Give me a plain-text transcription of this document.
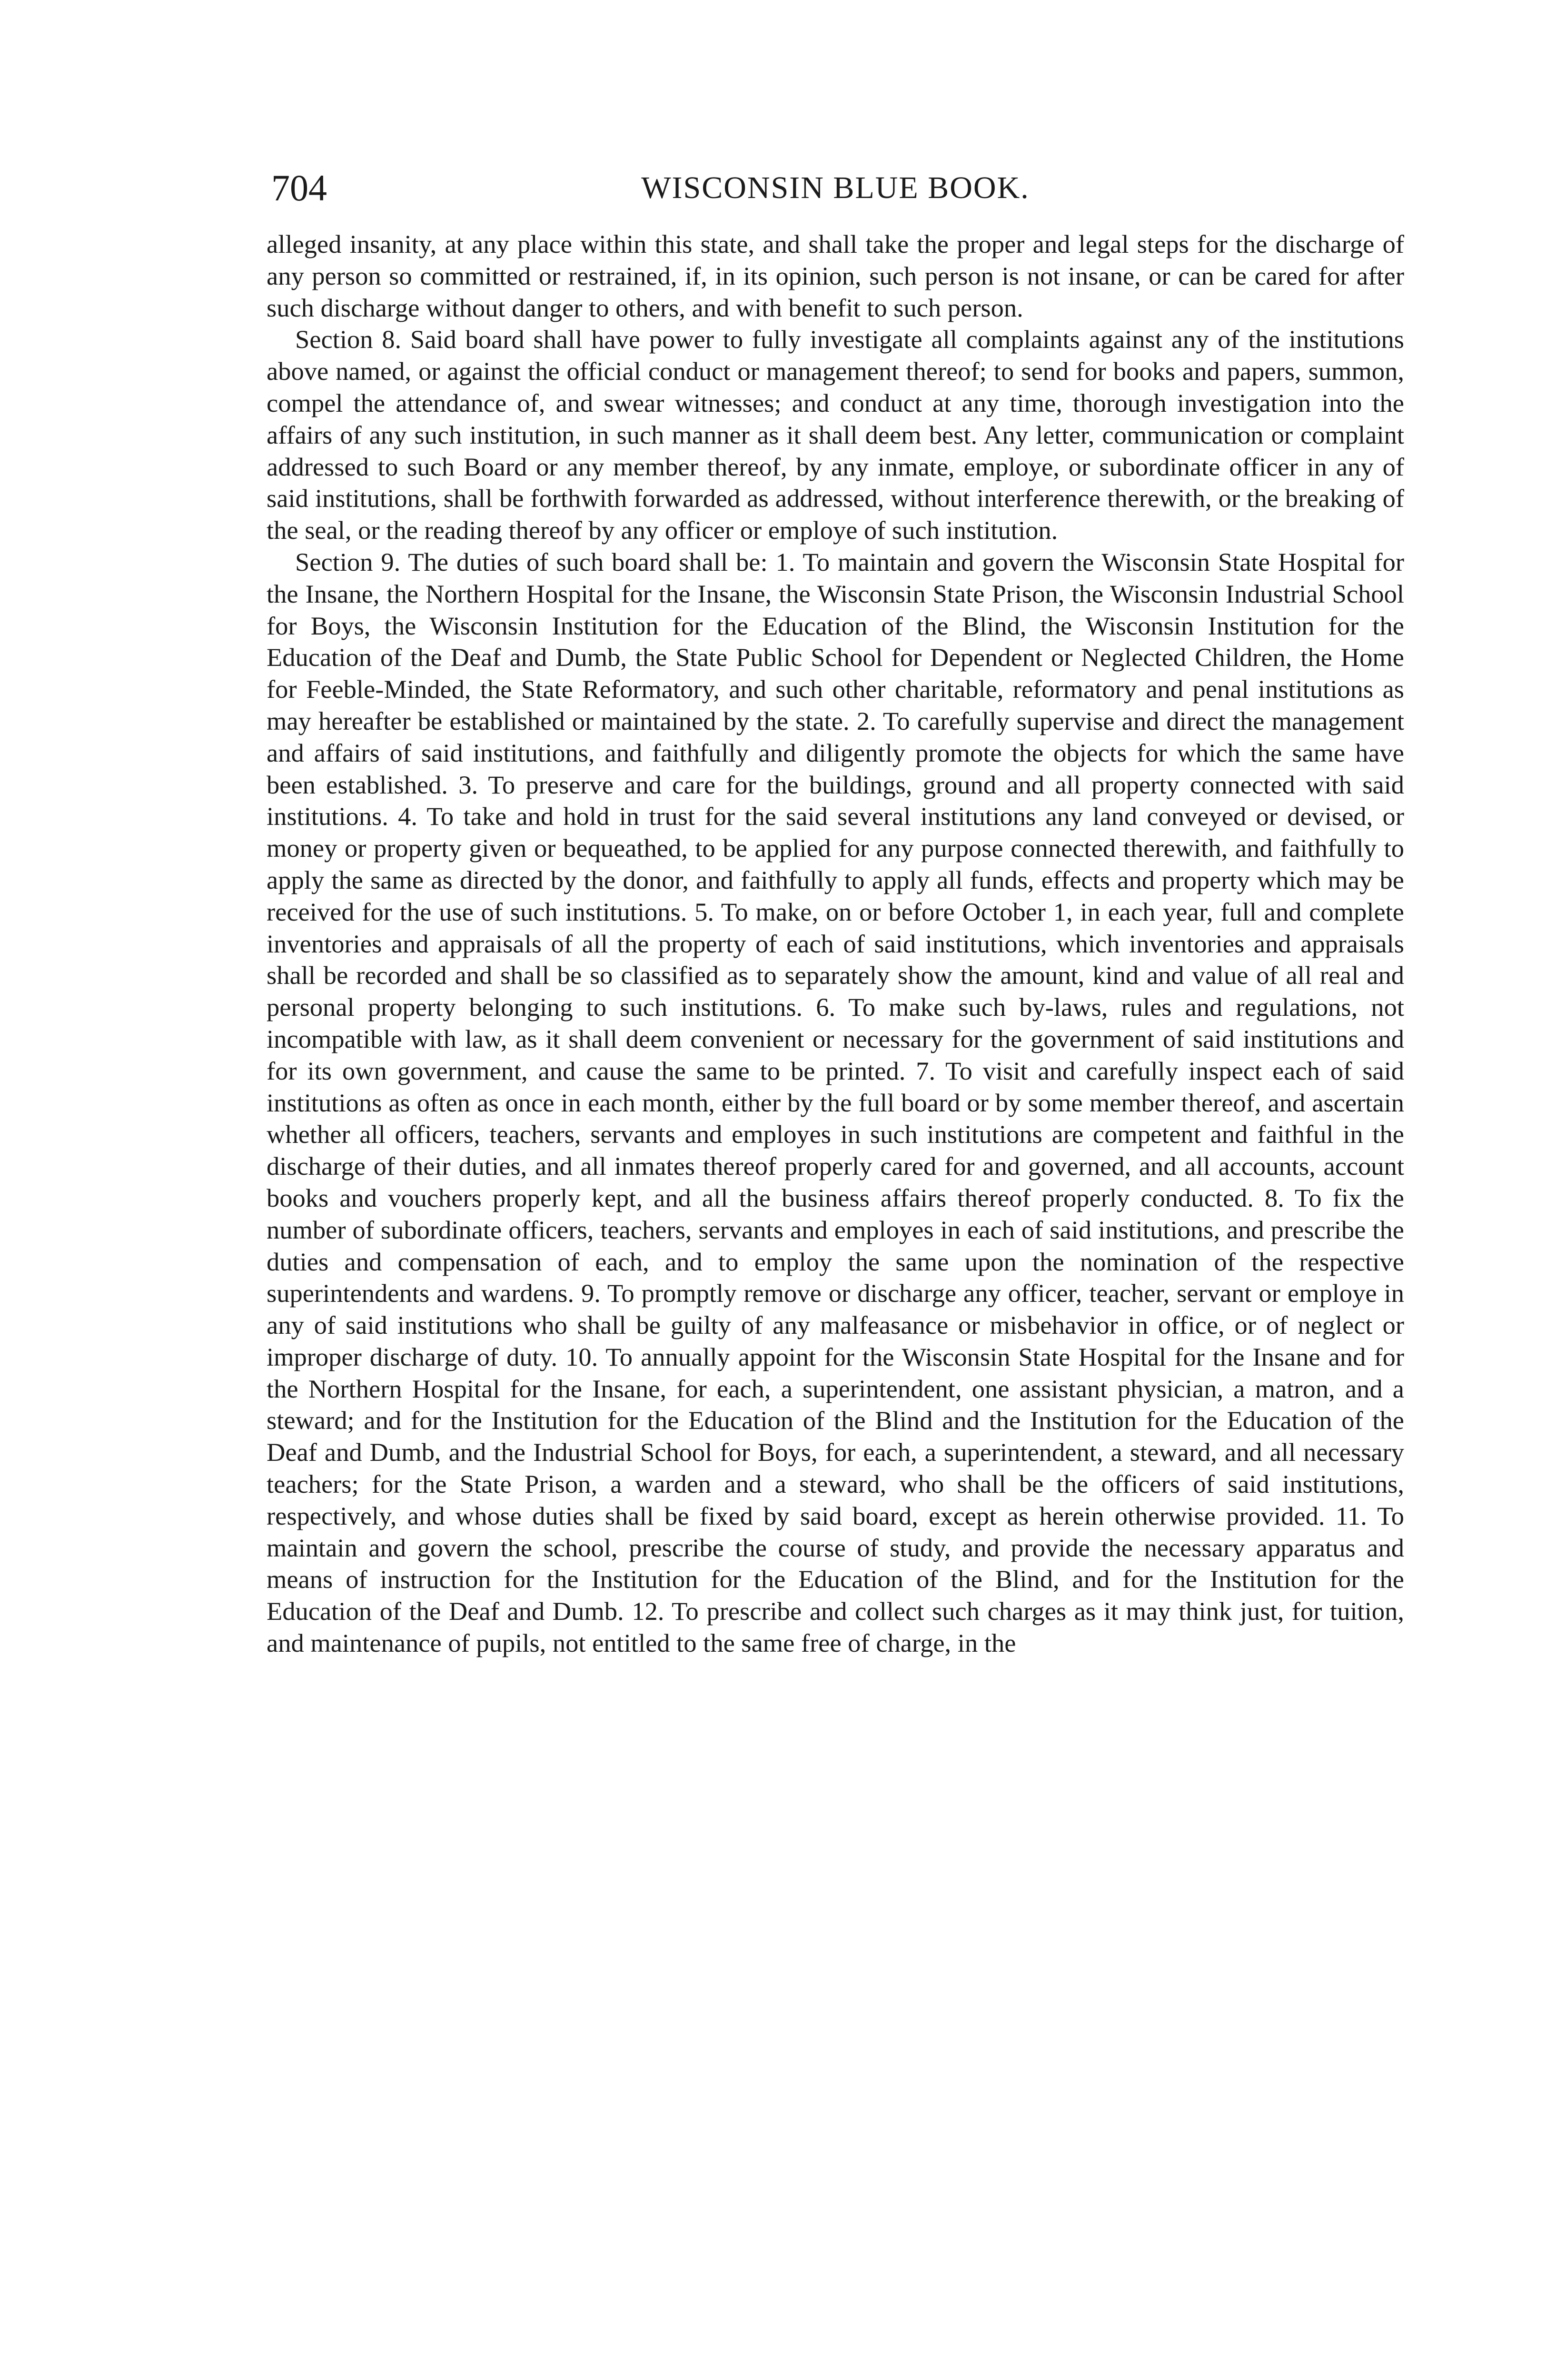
704	WISCONSIN BLUE BOOK.

alleged insanity, at any place within this state, and shall take the proper and legal steps for the discharge of any person so committed or restrained, if, in its opinion, such person is not insane, or can be cared for after such discharge without danger to others, and with benefit to such person.

Section 8. Said board shall have power to fully investigate all complaints against any of the institutions above named, or against the official conduct or management thereof; to send for books and papers, summon, compel the attendance of, and swear witnesses; and conduct at any time, thorough investigation into the affairs of any such institution, in such manner as it shall deem best. Any letter, communication or complaint addressed to such Board or any member thereof, by any inmate, employe, or subordinate officer in any of said institutions, shall be forthwith forwarded as addressed, without interference therewith, or the breaking of the seal, or the reading thereof by any officer or employe of such institution.

Section 9. The duties of such board shall be: 1. To maintain and govern the Wisconsin State Hospital for the Insane, the Northern Hospital for the Insane, the Wisconsin State Prison, the Wisconsin Industrial School for Boys, the Wisconsin Institution for the Education of the Blind, the Wisconsin Institution for the Education of the Deaf and Dumb, the State Public School for Dependent or Neglected Children, the Home for Feeble-Minded, the State Reformatory, and such other charitable, reformatory and penal institutions as may hereafter be established or maintained by the state. 2. To carefully supervise and direct the management and affairs of said institutions, and faithfully and diligently promote the objects for which the same have been established. 3. To preserve and care for the buildings, ground and all property connected with said institutions. 4. To take and hold in trust for the said several institutions any land conveyed or devised, or money or property given or bequeathed, to be applied for any purpose connected therewith, and faithfully to apply the same as directed by the donor, and faithfully to apply all funds, effects and property which may be received for the use of such institutions. 5. To make, on or before October 1, in each year, full and complete inventories and appraisals of all the property of each of said institutions, which inventories and appraisals shall be recorded and shall be so classified as to separately show the amount, kind and value of all real and personal property belonging to such institutions. 6. To make such by-laws, rules and regulations, not incompatible with law, as it shall deem convenient or necessary for the government of said institutions and for its own government, and cause the same to be printed. 7. To visit and carefully inspect each of said institutions as often as once in each month, either by the full board or by some member thereof, and ascertain whether all officers, teachers, servants and employes in such institutions are competent and faithful in the discharge of their duties, and all inmates thereof properly cared for and governed, and all accounts, account books and vouchers properly kept, and all the business affairs thereof properly conducted. 8. To fix the number of subordinate officers, teachers, servants and employes in each of said institutions, and prescribe the duties and compensation of each, and to employ the same upon the nomination of the respective superintendents and wardens. 9. To promptly remove or discharge any officer, teacher, servant or employe in any of said institutions who shall be guilty of any malfeasance or misbehavior in office, or of neglect or improper discharge of duty. 10. To annually appoint for the Wisconsin State Hospital for the Insane and for the Northern Hospital for the Insane, for each, a superintendent, one assistant physician, a matron, and a steward; and for the Institution for the Education of the Blind and the Institution for the Education of the Deaf and Dumb, and the Industrial School for Boys, for each, a superintendent, a steward, and all necessary teachers; for the State Prison, a warden and a steward, who shall be the officers of said institutions, respectively, and whose duties shall be fixed by said board, except as herein otherwise provided. 11. To maintain and govern the school, prescribe the course of study, and provide the necessary apparatus and means of instruction for the Institution for the Education of the Blind, and for the Institution for the Education of the Deaf and Dumb. 12. To prescribe and collect such charges as it may think just, for tuition, and maintenance of pupils, not entitled to the same free of charge, in the
